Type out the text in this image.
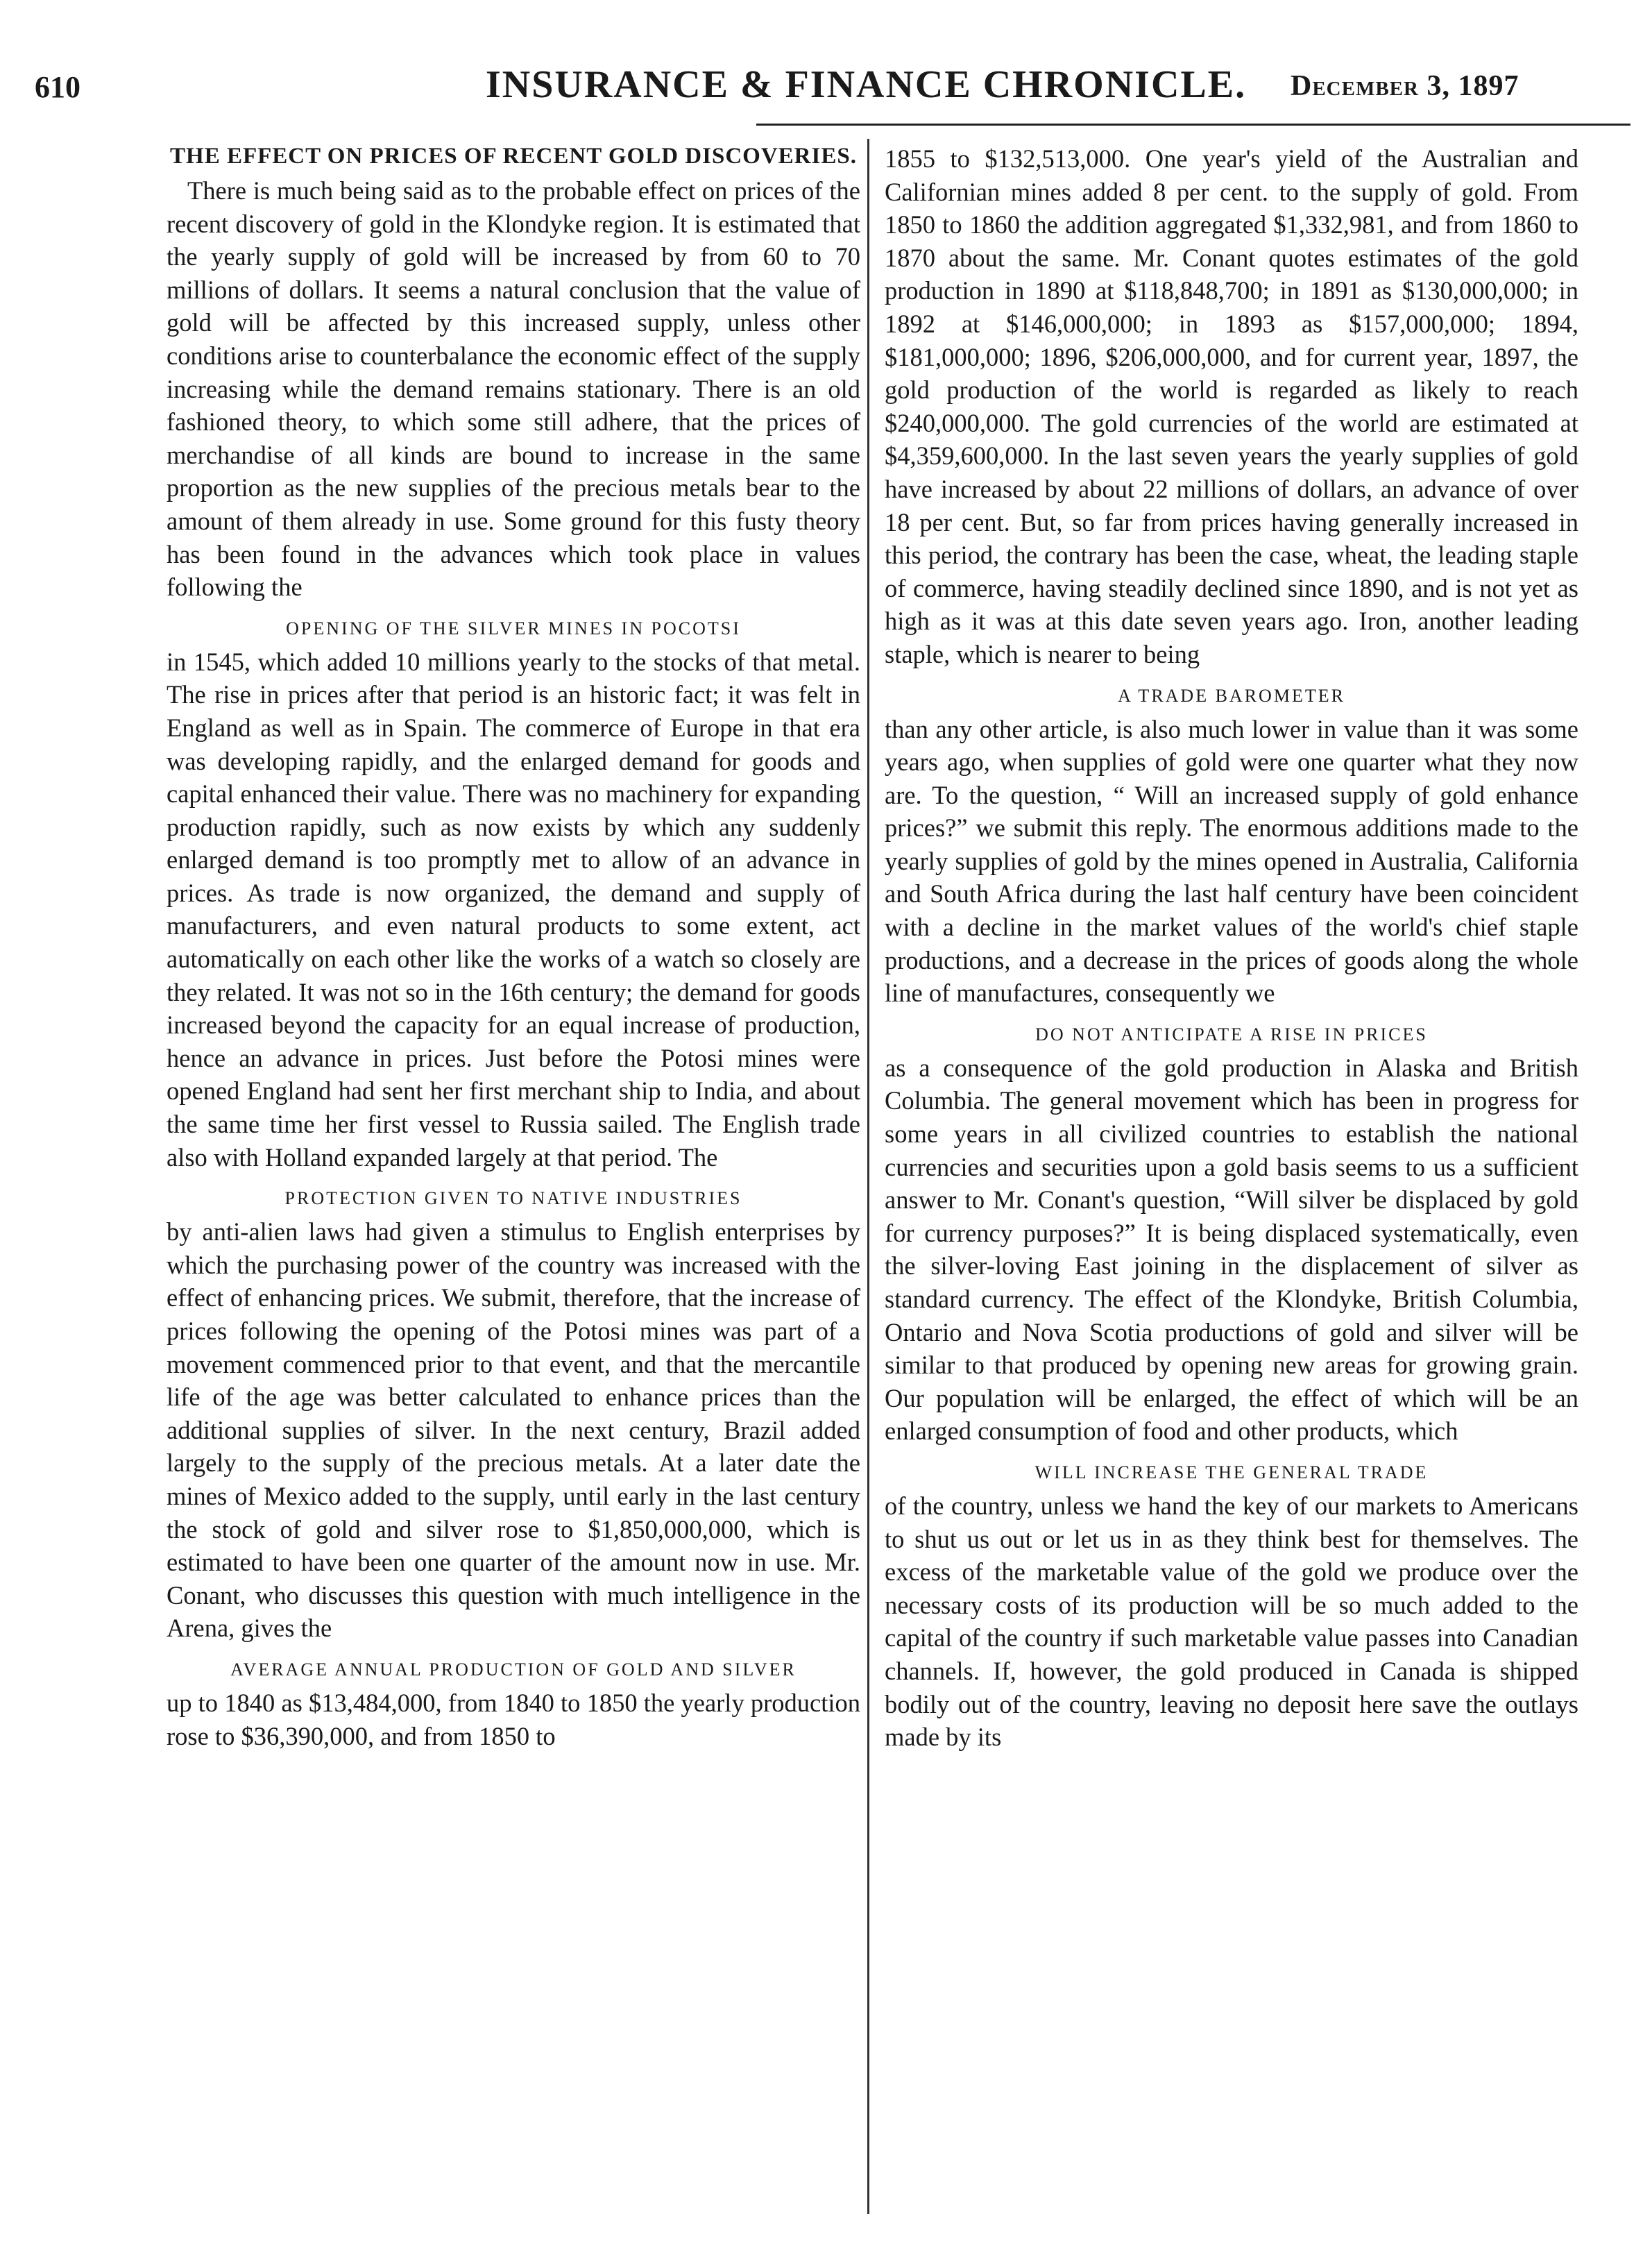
610	INSURANCE & FINANCE CHRONICLE. December 3, 1897
THE EFFECT ON PRICES OF RECENT GOLD DISCOVERIES.

There is much being said as to the probable effect on prices of the recent discovery of gold in the Klondyke region. It is estimated that the yearly supply of gold will be increased by from 60 to 70 millions of dollars. It seems a natural conclusion that the value of gold will be affected by this increased supply, unless other conditions arise to counterbalance the economic effect of the supply increasing while the demand remains stationary. There is an old fashioned theory, to which some still adhere, that the prices of merchandise of all kinds are bound to increase in the same proportion as the new supplies of the precious metals bear to the amount of them already in use. Some ground for this fusty theory has been found in the advances which took place in values following the

OPENING OF THE SILVER MINES IN POCOTSI

in 1545, which added 10 millions yearly to the stocks of that metal. The rise in prices after that period is an historic fact; it was felt in England as well as in Spain. The commerce of Europe in that era was developing rapidly, and the enlarged demand for goods and capital enhanced their value. There was no machinery for expanding production rapidly, such as now exists by which any suddenly enlarged demand is too promptly met to allow of an advance in prices. As trade is now organized, the demand and supply of manufacturers, and even natural products to some extent, act automatically on each other like the works of a watch so closely are they related. It was not so in the 16th century; the demand for goods increased beyond the capacity for an equal increase of production, hence an advance in prices. Just before the Potosi mines were opened England had sent her first merchant ship to India, and about the same time her first vessel to Russia sailed. The English trade also with Holland expanded largely at that period. The

PROTECTION GIVEN TO NATIVE INDUSTRIES

by anti-alien laws had given a stimulus to English enterprises by which the purchasing power of the country was increased with the effect of enhancing prices. We submit, therefore, that the increase of prices following the opening of the Potosi mines was part of a movement commenced prior to that event, and that the mercantile life of the age was better calculated to enhance prices than the additional supplies of silver. In the next century, Brazil added largely to the supply of the precious metals. At a later date the mines of Mexico added to the supply, until early in the last century the stock of gold and silver rose to $1,850,000,000, which is estimated to have been one quarter of the amount now in use. Mr. Conant, who discusses this question with much intelligence in the Arena, gives the

AVERAGE ANNUAL PRODUCTION OF GOLD AND SILVER

up to 1840 as $13,484,000, from 1840 to 1850 the yearly production rose to $36,390,000, and from 1850 to

1855 to $132,513,000. One year's yield of the Australian and Californian mines added 8 per cent. to the supply of gold. From 1850 to 1860 the addition aggregated $1,332,981, and from 1860 to 1870 about the same. Mr. Conant quotes estimates of the gold production in 1890 at $118,848,700; in 1891 as $130,000,000; in 1892 at $146,000,000; in 1893 as $157,000,000; 1894, $181,000,000; 1896, $206,000,000, and for current year, 1897, the gold production of the world is regarded as likely to reach $240,000,000. The gold currencies of the world are estimated at $4,359,600,000. In the last seven years the yearly supplies of gold have increased by about 22 millions of dollars, an advance of over 18 per cent. But, so far from prices having generally increased in this period, the contrary has been the case, wheat, the leading staple of commerce, having steadily declined since 1890, and is not yet as high as it was at this date seven years ago. Iron, another leading staple, which is nearer to being

A TRADE BAROMETER

than any other article, is also much lower in value than it was some years ago, when supplies of gold were one quarter what they now are. To the question, “ Will an increased supply of gold enhance prices?” we submit this reply. The enormous additions made to the yearly supplies of gold by the mines opened in Australia, California and South Africa during the last half century have been coincident with a decline in the market values of the world's chief staple productions, and a decrease in the prices of goods along the whole line of manufactures, consequently we

DO NOT ANTICIPATE A RISE IN PRICES

as a consequence of the gold production in Alaska and British Columbia. The general movement which has been in progress for some years in all civilized countries to establish the national currencies and securities upon a gold basis seems to us a sufficient answer to Mr. Conant's question, “Will silver be displaced by gold for currency purposes?” It is being displaced systematically, even the silver-loving East joining in the displacement of silver as standard currency. The effect of the Klondyke, British Columbia, Ontario and Nova Scotia productions of gold and silver will be similar to that produced by opening new areas for growing grain. Our population will be enlarged, the effect of which will be an enlarged consumption of food and other products, which

WILL INCREASE THE GENERAL TRADE

of the country, unless we hand the key of our markets to Americans to shut us out or let us in as they think best for themselves. The excess of the marketable value of the gold we produce over the necessary costs of its production will be so much added to the capital of the country if such marketable value passes into Canadian channels. If, however, the gold produced in Canada is shipped bodily out of the country, leaving no deposit here save the outlays made by its
